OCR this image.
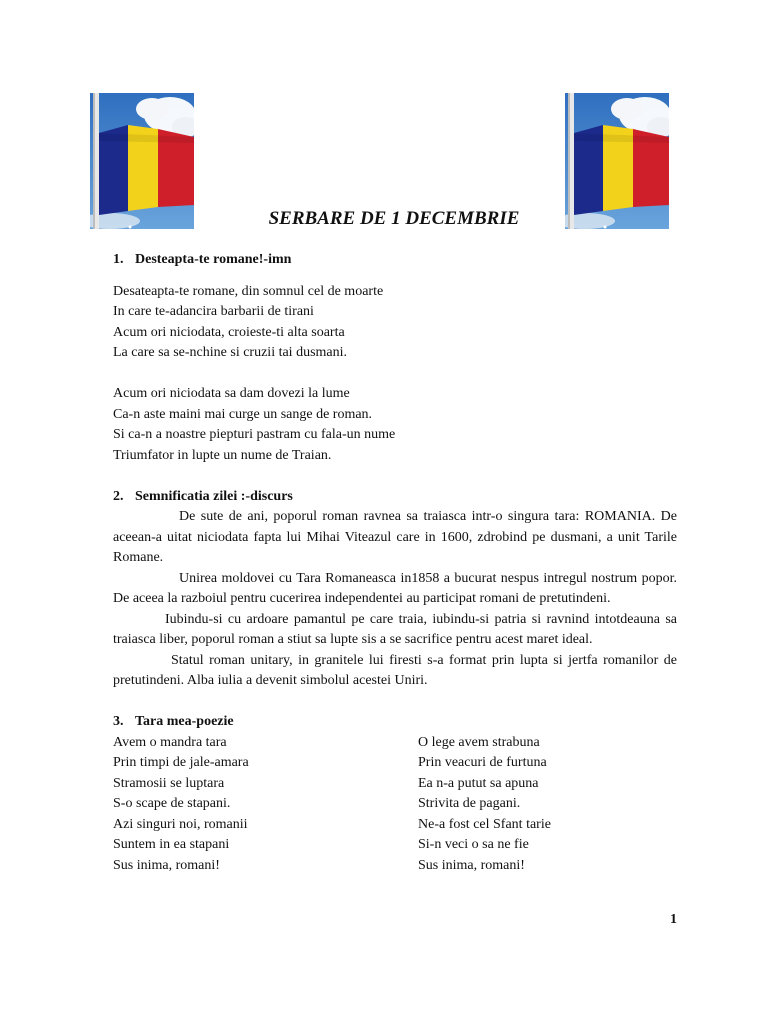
SERBARE DE 1 DECEMBRIE

1. Desteapta-te romane!-imn

Desateapta-te romane, din somnul cel de moarte

In care te-adancira barbarii de tirani

Acum ori niciodata, croieste-ti alta soarta

La care sa se-nchine si cruzii tai dusmani.

Acum ori niciodata sa dam dovezi la lume

Ca-n aste maini mai curge un sange de roman.

Si ca-n a noastre piepturi pastram cu fala-un nume

Triumfator in lupte un nume de Traian.

2. Semnificatia zilei :-discurs

De sute de ani, poporul roman ravnea sa traiasca intr-o singura tara: ROMANIA. De aceean-a uitat niciodata fapta lui Mihai Viteazul care in 1600, zdrobind pe dusmani, a unit Tarile Romane.

Unirea moldovei cu Tara Romaneasca in1858 a bucurat nespus intregul nostrum popor. De aceea la razboiul pentru cucerirea independentei au participat romani de pretutindeni.

Iubindu-si cu ardoare pamantul pe care traia, iubindu-si patria si ravnind intotdeauna sa traiasca liber, poporul roman a stiut sa lupte sis a se sacrifice pentru acest maret ideal.

Statul roman unitary, in granitele lui firesti s-a format prin lupta si jertfa romanilor de pretutindeni. Alba iulia a devenit simbolul acestei Uniri.

3. Tara mea-poezie

Avem o mandra tara

Prin timpi de jale-amara

Stramosii se luptara

S-o scape de stapani.

Azi singuri noi, romanii

Suntem in ea stapani

Sus inima, romani!

O lege avem strabuna

Prin veacuri de furtuna

Ea n-a putut sa apuna

Strivita de pagani.

Ne-a fost cel Sfant tarie

Si-n veci o sa ne fie

Sus inima, romani!

1
